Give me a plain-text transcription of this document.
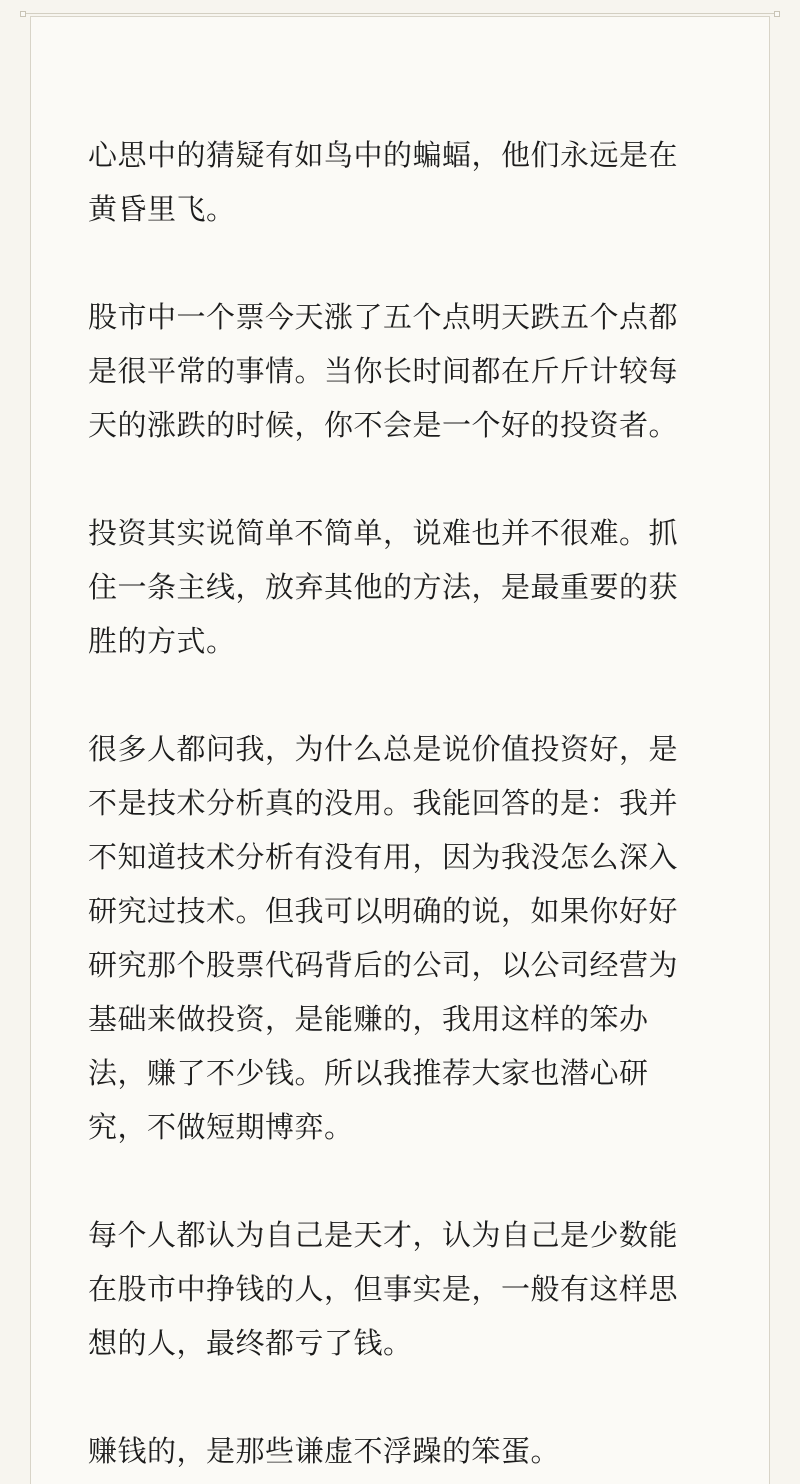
心思中的猜疑有如鸟中的蝙蝠，他们永远是在
黄昏里飞。

股市中一个票今天涨了五个点明天跌五个点都
是很平常的事情。当你长时间都在斤斤计较每
天的涨跌的时候，你不会是一个好的投资者。

投资其实说简单不简单，说难也并不很难。抓
住一条主线，放弃其他的方法，是最重要的获
胜的方式。

很多人都问我，为什么总是说价值投资好，是
不是技术分析真的没用。我能回答的是：我并
不知道技术分析有没有用，因为我没怎么深入
研究过技术。但我可以明确的说，如果你好好
研究那个股票代码背后的公司，以公司经营为
基础来做投资，是能赚的，我用这样的笨办
法，赚了不少钱。所以我推荐大家也潜心研
究，不做短期博弈。

每个人都认为自己是天才，认为自己是少数能
在股市中挣钱的人，但事实是，一般有这样思
想的人，最终都亏了钱。

赚钱的，是那些谦虚不浮躁的笨蛋。
